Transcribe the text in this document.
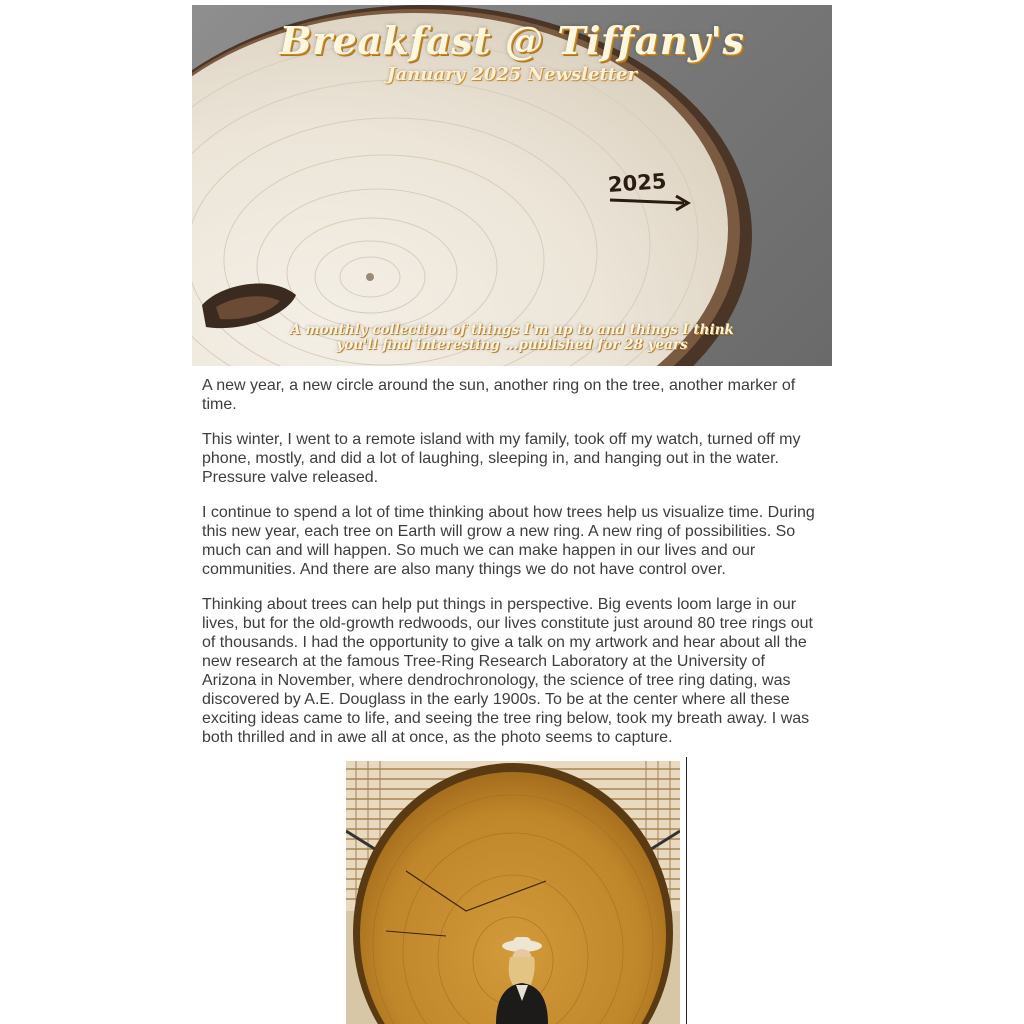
Breakfast @ Tiffany's
January 2025 Newsletter
2025
A monthly collection of things I'm up to and things I think
you'll find interesting ...published for 28 years

A new year, a new circle around the sun, another ring on the tree, another marker of time.

This winter, I went to a remote island with my family, took off my watch, turned off my phone, mostly, and did a lot of laughing, sleeping in, and hanging out in the water. Pressure valve released.

I continue to spend a lot of time thinking about how trees help us visualize time. During this new year, each tree on Earth will grow a new ring. A new ring of possibilities. So much can and will happen. So much we can make happen in our lives and our communities. And there are also many things we do not have control over.

Thinking about trees can help put things in perspective. Big events loom large in our lives, but for the old-growth redwoods, our lives constitute just around 80 tree rings out of thousands. I had the opportunity to give a talk on my artwork and hear about all the new research at the famous Tree-Ring Research Laboratory at the University of Arizona in November, where dendrochronology, the science of tree ring dating, was discovered by A.E. Douglass in the early 1900s. To be at the center where all these exciting ideas came to life, and seeing the tree ring below, took my breath away. I was both thrilled and in awe all at once, as the photo seems to capture.
